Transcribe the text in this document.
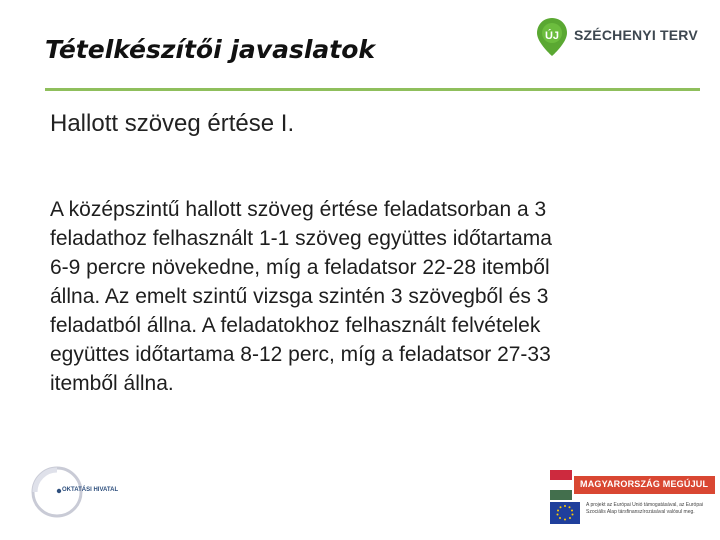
Tételkészítői javaslatok	ÚJ SZÉCHENYI TERV
Hallott szöveg értése I.
A középszintű hallott szöveg értése feladatsorban a 3
feladathoz felhasznált 1-1 szöveg együttes időtartama
6-9 percre növekedne, míg a feladatsor 22-28 itemből
állna. Az emelt szintű vizsga szintén 3 szövegből és 3
feladatból állna. A feladatokhoz felhasznált felvételek
együttes időtartama 8-12 perc, míg a feladatsor 27-33
itemből állna.
OKTATÁSI HIVATAL
MAGYARORSZÁG MEGÚJUL
A projekt az Európai Unió támogatásával, az Európai Szociális Alap társfinanszírozásával valósul meg.
